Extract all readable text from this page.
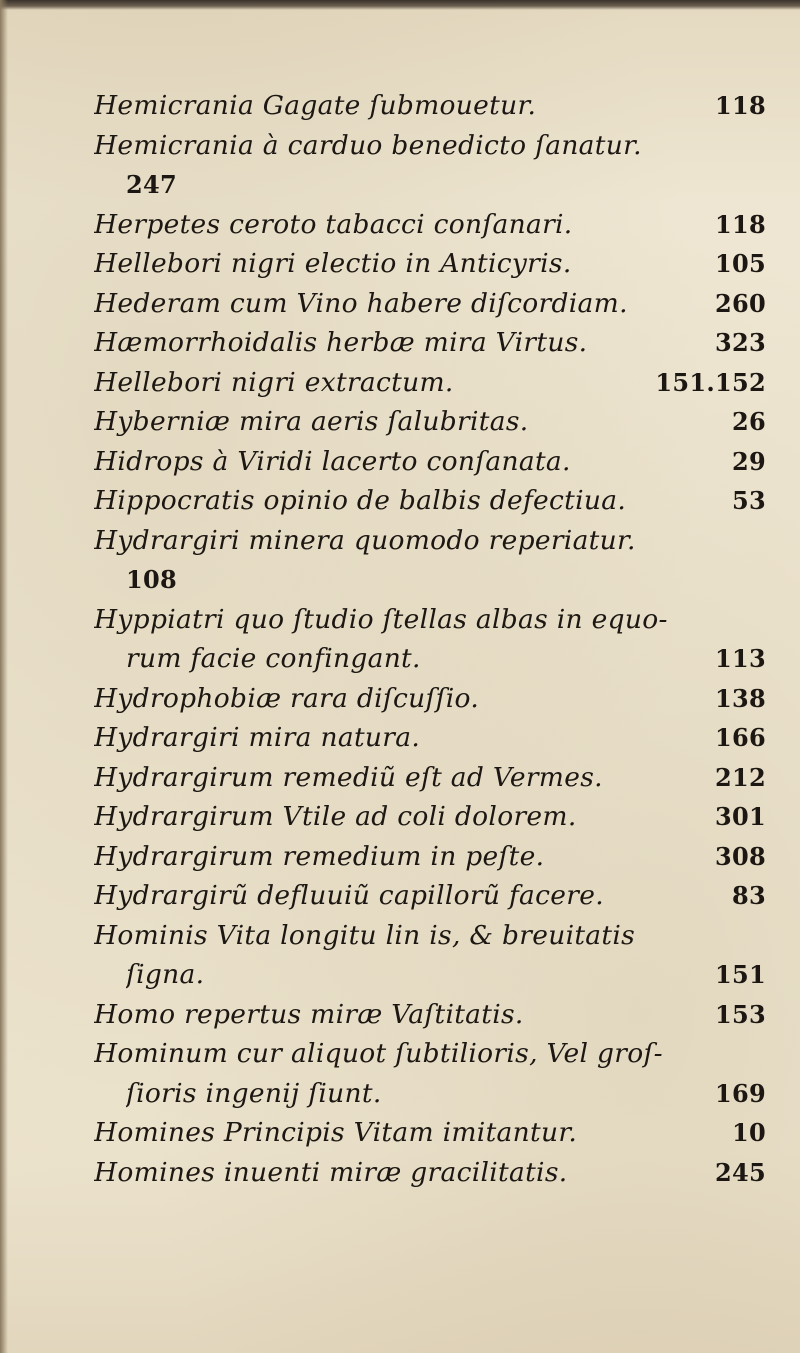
Hemicrania Gagate ſubmouetur.	118
Hemicrania à carduo benedicto ſanatur.
247
Herpetes ceroto tabacci conſanari.	118
Hellebori nigri electio in Anticyris.	105
Hederam cum Vino habere diſcordiam.	260
Hæmorrhoidalis herbæ mira Virtus.	323
Hellebori nigri extractum.	151.152
Hyberniæ mira aeris ſalubritas.	26
Hidrops à Viridi lacerto conſanata.	29
Hippocratis opinio de balbis defectiua.	53
Hydrargiri minera quomodo reperiatur.
108
Hyppiatri quo ſtudio ſtellas albas in equo-
rum facie confingant.	113
Hydrophobiæ rara diſcuſſio.	138
Hydrargiri mira natura.	166
Hydrargirum remediũ eſt ad Vermes.	212
Hydrargirum Vtile ad coli dolorem.	301
Hydrargirum remedium in peſte.	308
Hydrargirũ defluuiũ capillorũ facere.	83
Hominis Vita longitu lin is, & breuitatis
ſigna.	151
Homo repertus miræ Vaſtitatis.	153
Hominum cur aliquot ſubtilioris, Vel groſ-
ſioris ingenij ſiunt.	169
Homines Principis Vitam imitantur.	10
Homines inuenti miræ gracilitatis.	245
